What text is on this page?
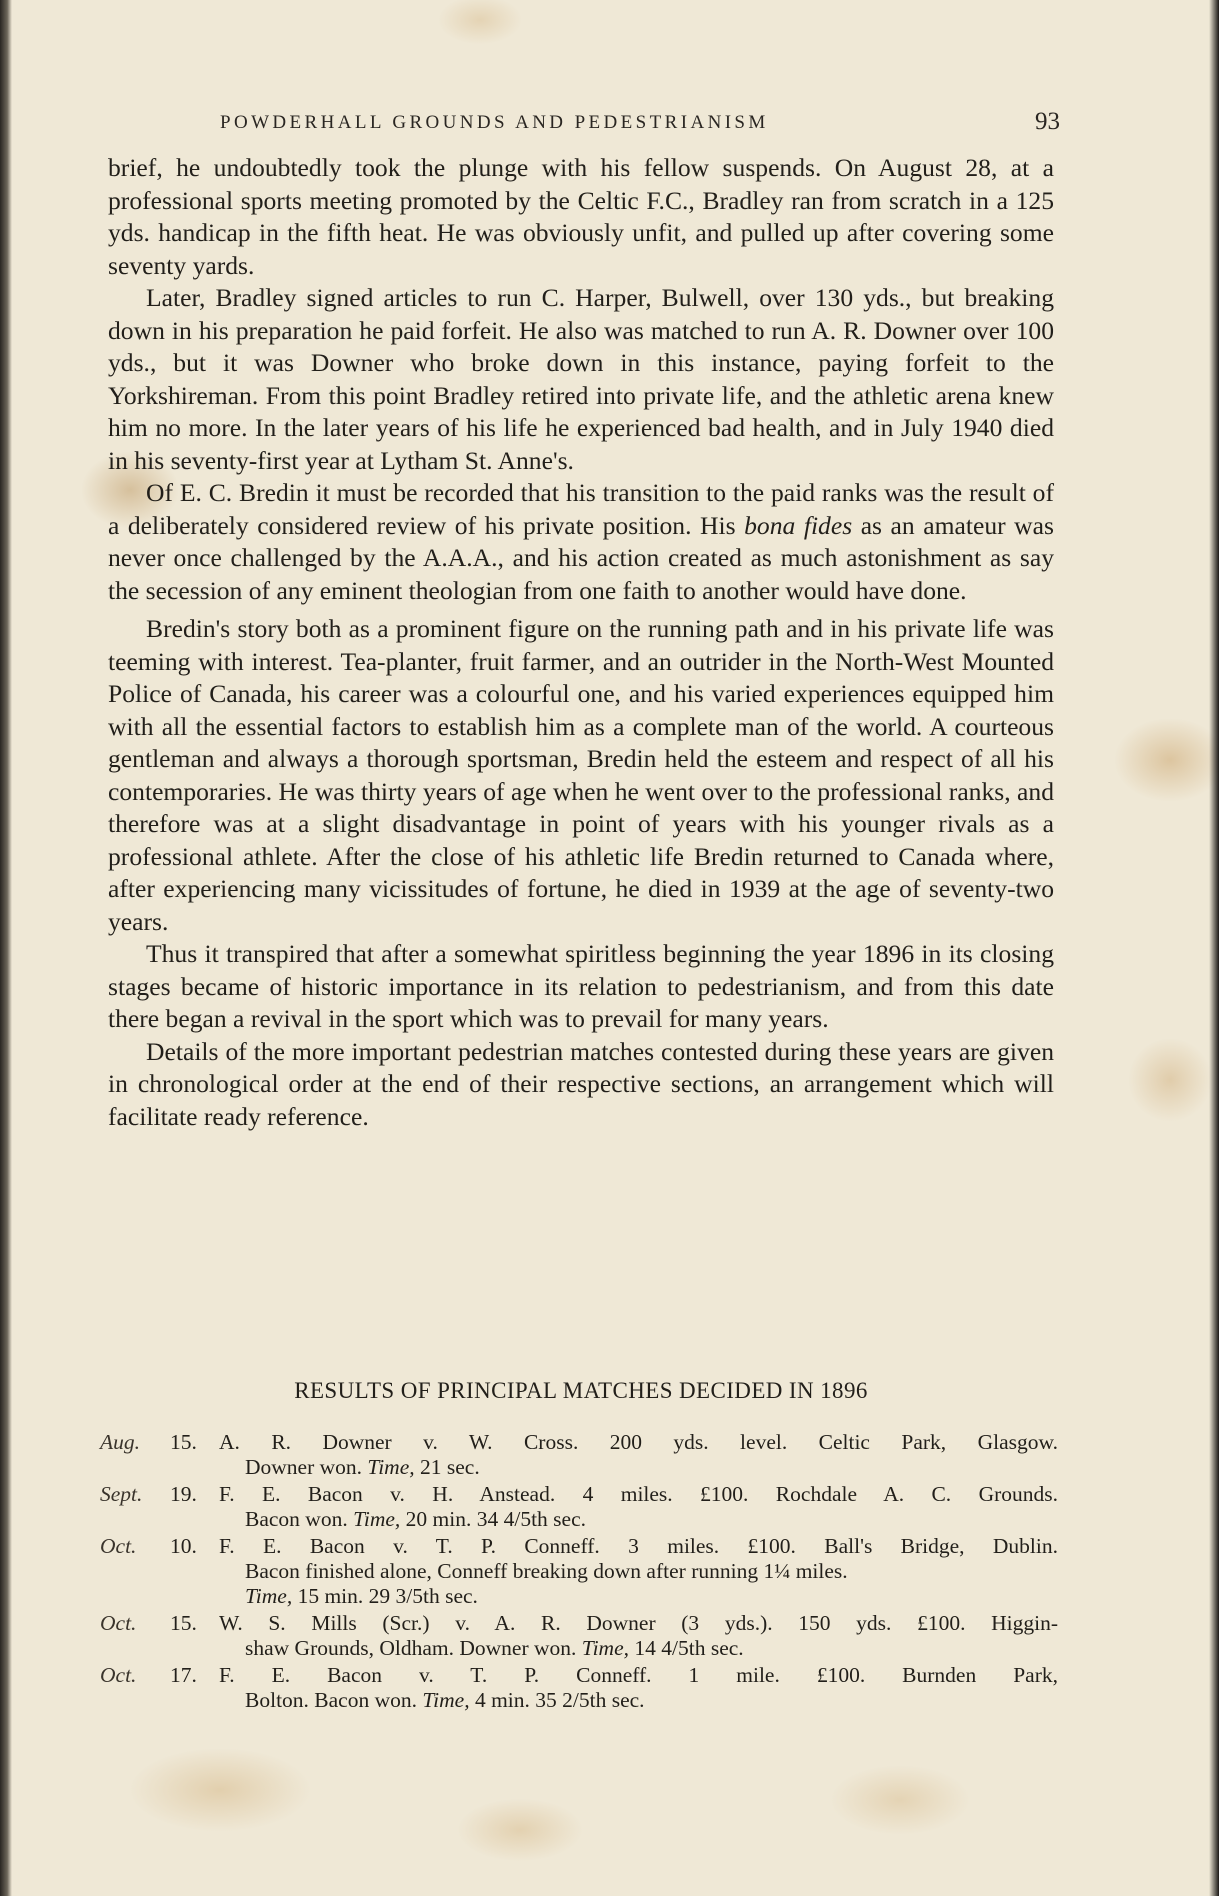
POWDERHALL GROUNDS AND PEDESTRIANISM	93

brief, he undoubtedly took the plunge with his fellow suspends. On August 28, at a professional sports meeting promoted by the Celtic F.C., Bradley ran from scratch in a 125 yds. handicap in the fifth heat. He was obviously unfit, and pulled up after covering some seventy yards.

Later, Bradley signed articles to run C. Harper, Bulwell, over 130 yds., but breaking down in his preparation he paid forfeit. He also was matched to run A. R. Downer over 100 yds., but it was Downer who broke down in this instance, paying forfeit to the Yorkshireman. From this point Bradley retired into private life, and the athletic arena knew him no more. In the later years of his life he experienced bad health, and in July 1940 died in his seventy-first year at Lytham St. Anne's.

Of E. C. Bredin it must be recorded that his transition to the paid ranks was the result of a deliberately considered review of his private position. His bona fides as an amateur was never once challenged by the A.A.A., and his action created as much astonishment as say the secession of any eminent theologian from one faith to another would have done.

Bredin's story both as a prominent figure on the running path and in his private life was teeming with interest. Tea-planter, fruit farmer, and an outrider in the North-West Mounted Police of Canada, his career was a colourful one, and his varied experiences equipped him with all the essential factors to establish him as a complete man of the world. A courteous gentleman and always a thorough sportsman, Bredin held the esteem and respect of all his contemporaries. He was thirty years of age when he went over to the professional ranks, and therefore was at a slight disadvantage in point of years with his younger rivals as a professional athlete. After the close of his athletic life Bredin returned to Canada where, after experiencing many vicissitudes of fortune, he died in 1939 at the age of seventy-two years.

Thus it transpired that after a somewhat spiritless beginning the year 1896 in its closing stages became of historic importance in its relation to pedestrianism, and from this date there began a revival in the sport which was to prevail for many years.

Details of the more important pedestrian matches contested during these years are given in chronological order at the end of their respective sections, an arrangement which will facilitate ready reference.

RESULTS OF PRINCIPAL MATCHES DECIDED IN 1896
Aug. 15. A. R. Downer v. W. Cross. 200 yds. level. Celtic Park, Glasgow.
Downer won. Time, 21 sec.
Sept. 19. F. E. Bacon v. H. Anstead. 4 miles. £100. Rochdale A. C. Grounds.
Bacon won. Time, 20 min. 34 4/5th sec.
Oct. 10. F. E. Bacon v. T. P. Conneff. 3 miles. £100. Ball's Bridge, Dublin.
Bacon finished alone, Conneff breaking down after running 1¼ miles.
Time, 15 min. 29 3/5th sec.
Oct. 15. W. S. Mills (Scr.) v. A. R. Downer (3 yds.). 150 yds. £100. Higgin-
shaw Grounds, Oldham. Downer won. Time, 14 4/5th sec.
Oct. 17. F. E. Bacon v. T. P. Conneff. 1 mile. £100. Burnden Park,
Bolton. Bacon won. Time, 4 min. 35 2/5th sec.
